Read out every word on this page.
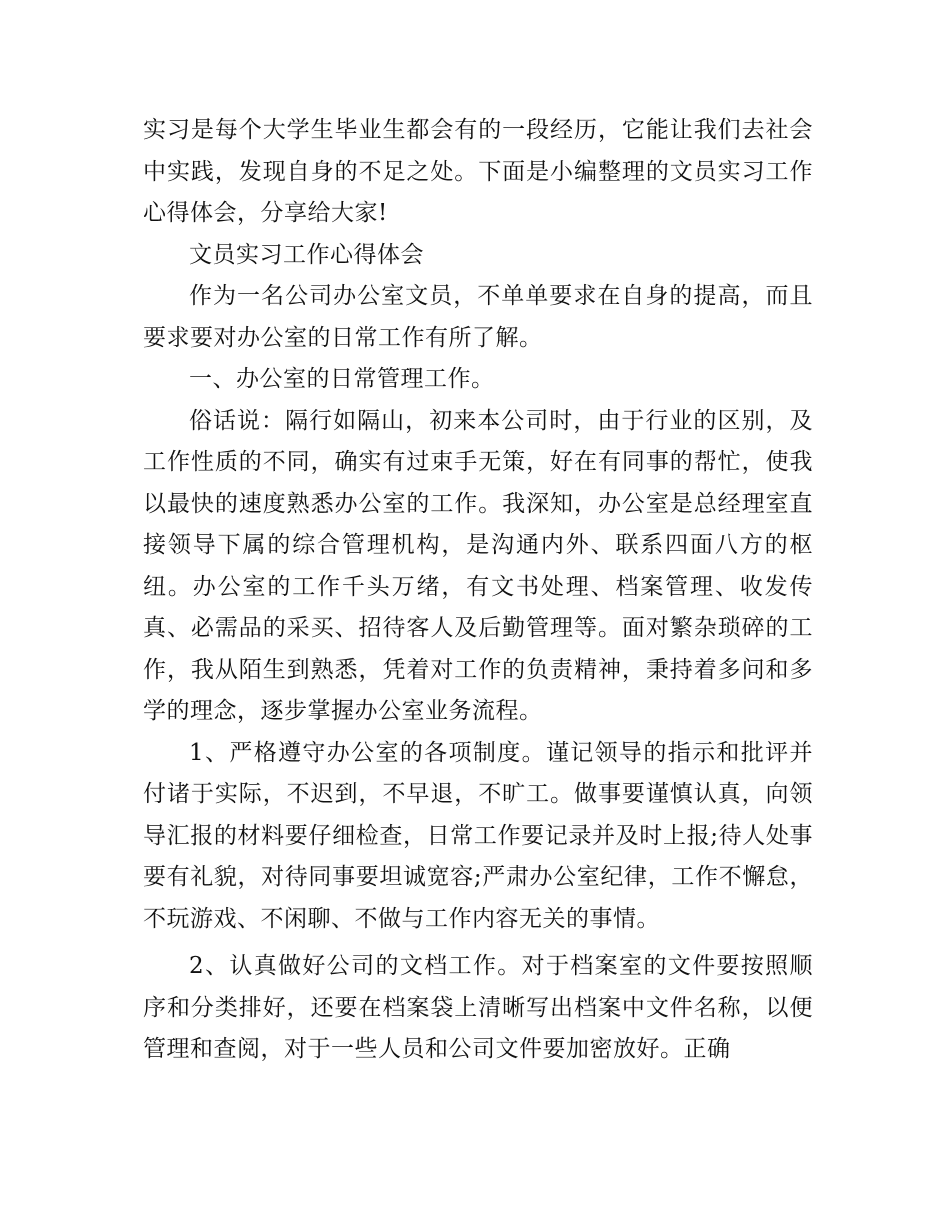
实习是每个大学生毕业生都会有的一段经历，它能让我们去社会中实践，发现自身的不足之处。下面是小编整理的文员实习工作心得体会，分享给大家!

文员实习工作心得体会

作为一名公司办公室文员，不单单要求在自身的提高，而且要求要对办公室的日常工作有所了解。

一、办公室的日常管理工作。

俗话说：隔行如隔山，初来本公司时，由于行业的区别，及工作性质的不同，确实有过束手无策，好在有同事的帮忙，使我以最快的速度熟悉办公室的工作。我深知，办公室是总经理室直接领导下属的综合管理机构，是沟通内外、联系四面八方的枢纽。办公室的工作千头万绪，有文书处理、档案管理、收发传真、必需品的采买、招待客人及后勤管理等。面对繁杂琐碎的工作，我从陌生到熟悉，凭着对工作的负责精神，秉持着多问和多学的理念，逐步掌握办公室业务流程。

1、严格遵守办公室的各项制度。谨记领导的指示和批评并付诸于实际，不迟到，不早退，不旷工。做事要谨慎认真，向领导汇报的材料要仔细检查，日常工作要记录并及时上报;待人处事要有礼貌，对待同事要坦诚宽容;严肃办公室纪律，工作不懈怠，不玩游戏、不闲聊、不做与工作内容无关的事情。

2、认真做好公司的文档工作。对于档案室的文件要按照顺序和分类排好，还要在档案袋上清晰写出档案中文件名称，以便管理和查阅，对于一些人员和公司文件要加密放好。正确
